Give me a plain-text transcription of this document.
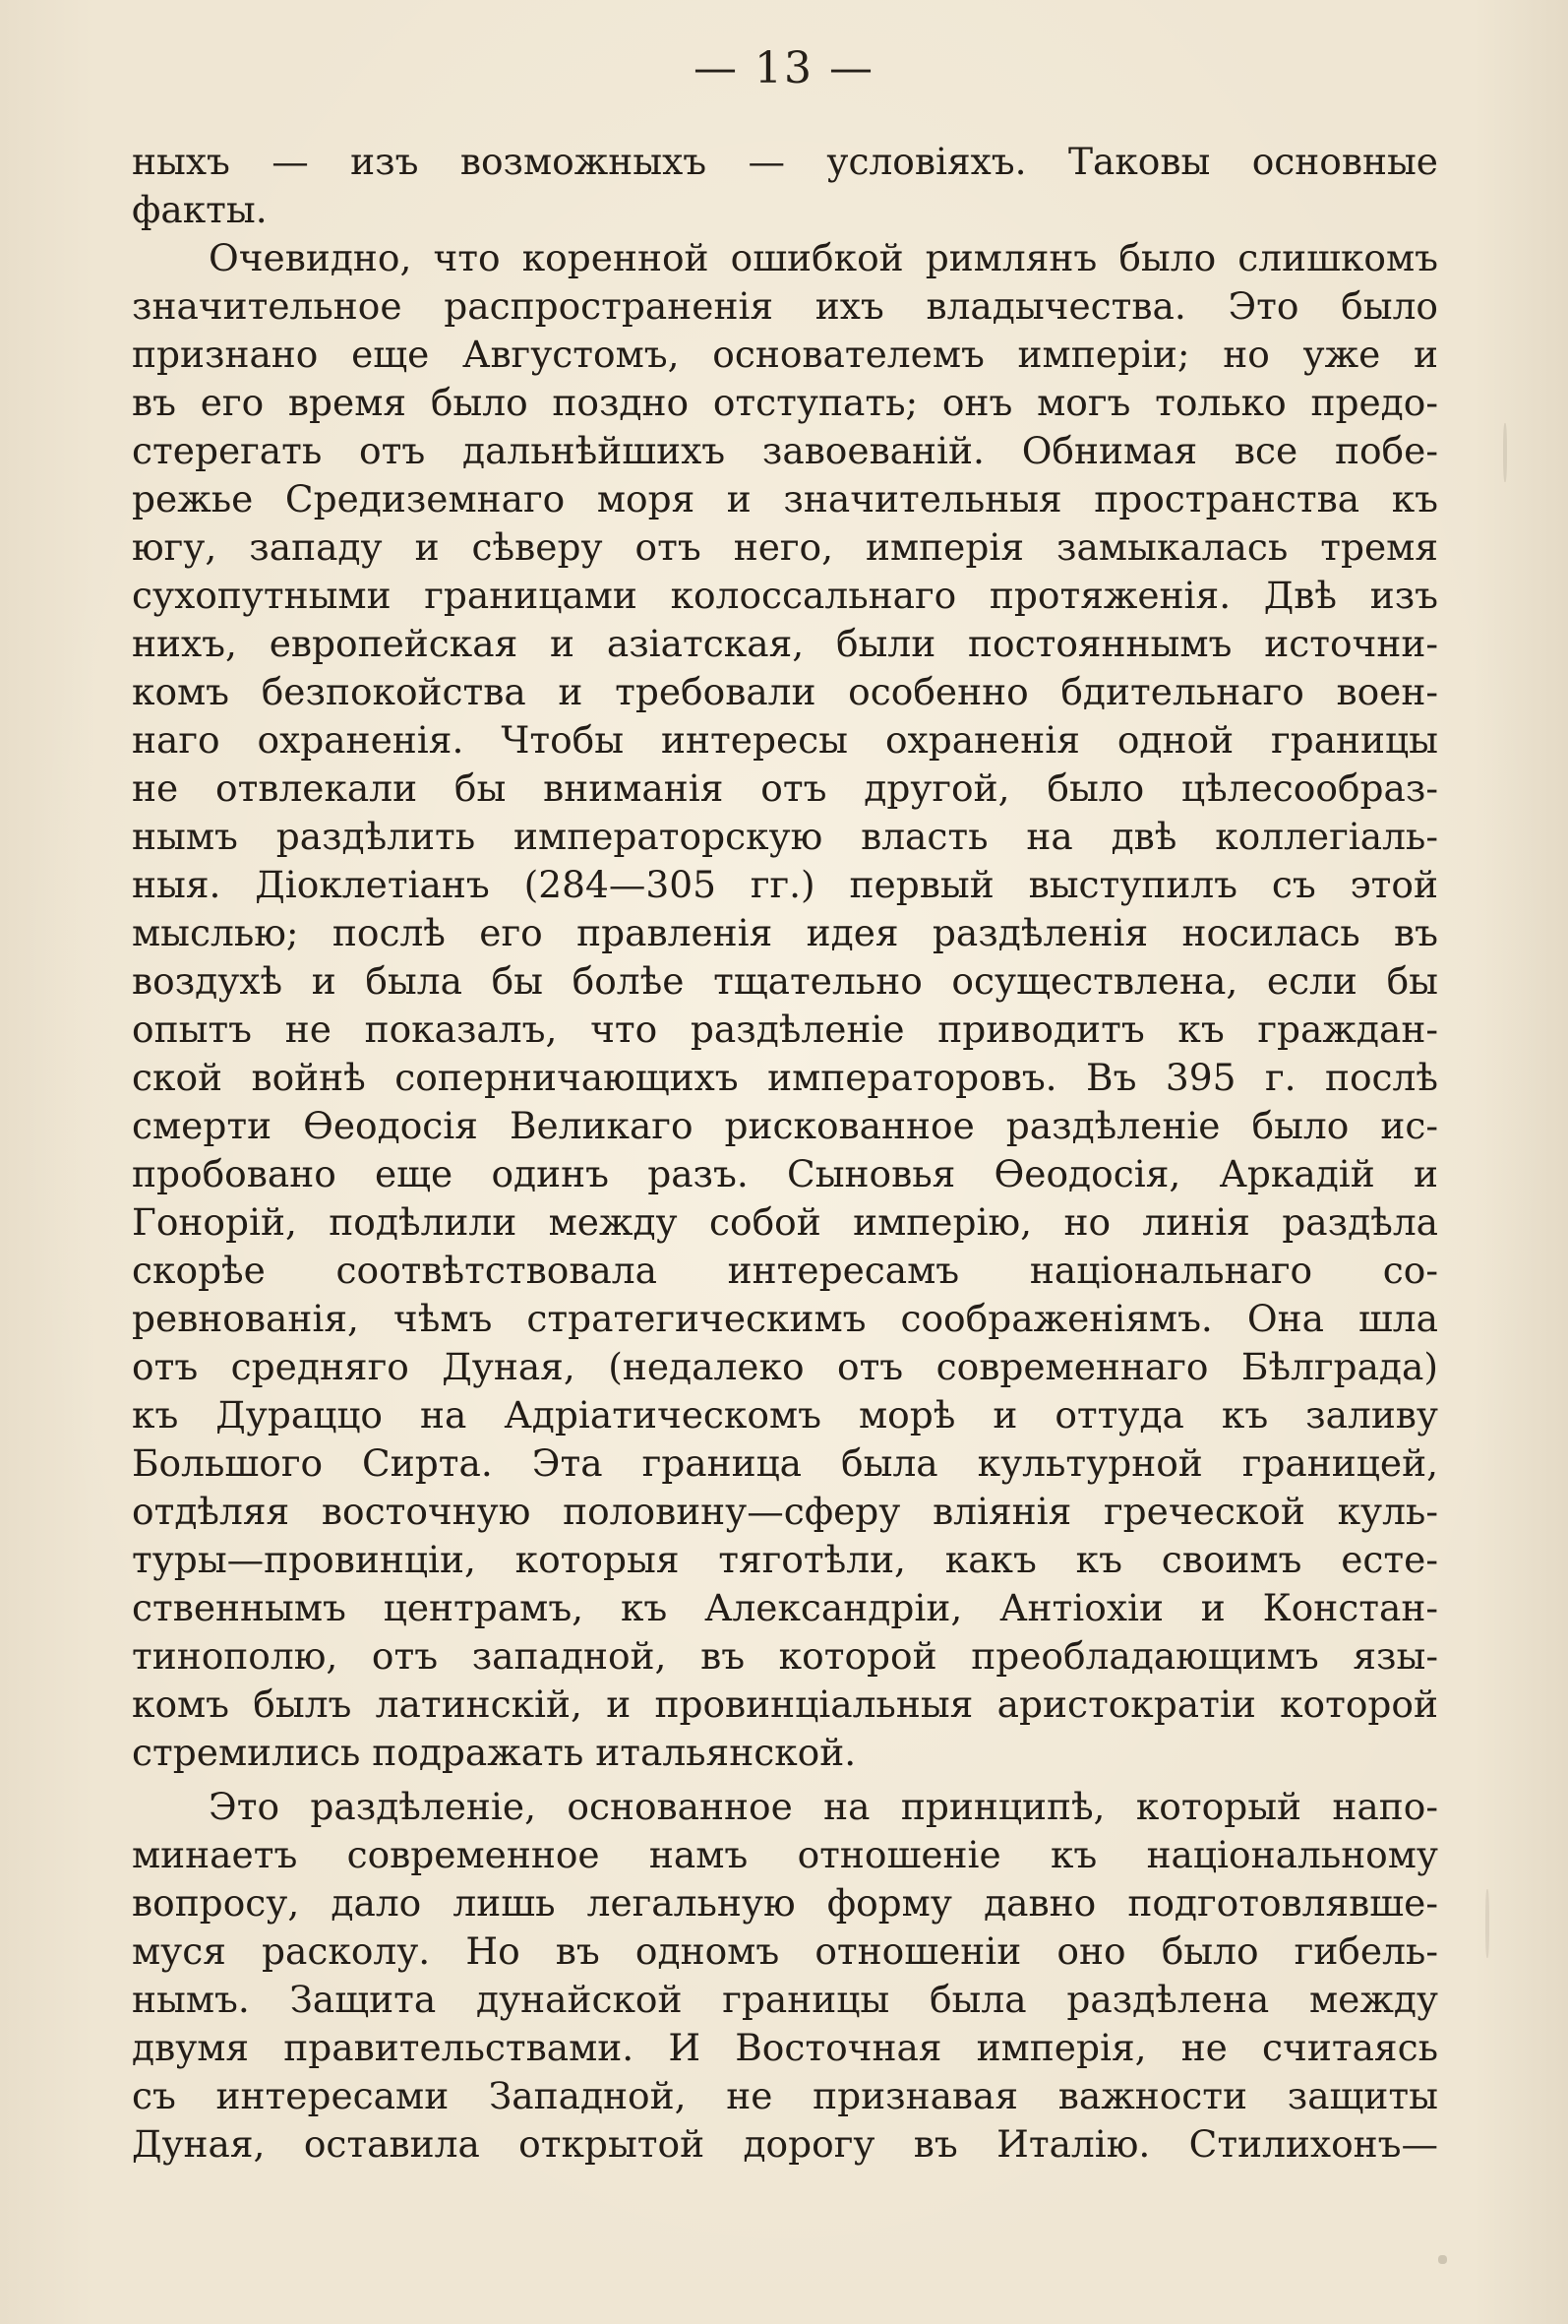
— 13 —
ныхъ — изъ возможныхъ — условіяхъ. Таковы основные
факты.
Очевидно, что коренной ошибкой римлянъ было слишкомъ
значительное распространенія ихъ владычества. Это было
признано еще Августомъ, основателемъ имперіи; но уже и
въ его время было поздно отступать; онъ могъ только предо-
стерегать отъ дальнѣйшихъ завоеваній. Обнимая все побе-
режье Средиземнаго моря и значительныя пространства къ
югу, западу и сѣверу отъ него, имперія замыкалась тремя
сухопутными границами колоссальнаго протяженія. Двѣ изъ
нихъ, европейская и азіатская, были постояннымъ источни-
комъ безпокойства и требовали особенно бдительнаго воен-
наго охраненія. Чтобы интересы охраненія одной границы
не отвлекали бы вниманія отъ другой, было цѣлесообраз-
нымъ раздѣлить императорскую власть на двѣ коллегіаль-
ныя. Діоклетіанъ (284—305 гг.) первый выступилъ съ этой
мыслью; послѣ его правленія идея раздѣленія носилась въ
воздухѣ и была бы болѣе тщательно осуществлена, если бы
опытъ не показалъ, что раздѣленіе приводитъ къ граждан-
ской войнѣ соперничающихъ императоровъ. Въ 395 г. послѣ
смерти Өеодосія Великаго рискованное раздѣленіе было ис-
пробовано еще одинъ разъ. Сыновья Өеодосія, Аркадій и
Гонорій, подѣлили между собой имперію, но линія раздѣла
скорѣе соотвѣтствовала интересамъ національнаго со-
ревнованія, чѣмъ стратегическимъ соображеніямъ. Она шла
отъ средняго Дуная, (недалеко отъ современнаго Бѣлграда)
къ Дураццо на Адріатическомъ морѣ и оттуда къ заливу
Большого Сирта. Эта граница была культурной границей,
отдѣляя восточную половину—сферу вліянія греческой куль-
туры—провинціи, которыя тяготѣли, какъ къ своимъ есте-
ственнымъ центрамъ, къ Александріи, Антіохіи и Констан-
тинополю, отъ западной, въ которой преобладающимъ язы-
комъ былъ латинскій, и провинціальныя аристократіи которой
стремились подражать итальянской.
Это раздѣленіе, основанное на принципѣ, который напо-
минаетъ современное намъ отношеніе къ національному
вопросу, дало лишь легальную форму давно подготовлявше-
муся расколу. Но въ одномъ отношеніи оно было гибель-
нымъ. Защита дунайской границы была раздѣлена между
двумя правительствами. И Восточная имперія, не считаясь
съ интересами Западной, не признавая важности защиты
Дуная, оставила открытой дорогу въ Италію. Стилихонъ—
